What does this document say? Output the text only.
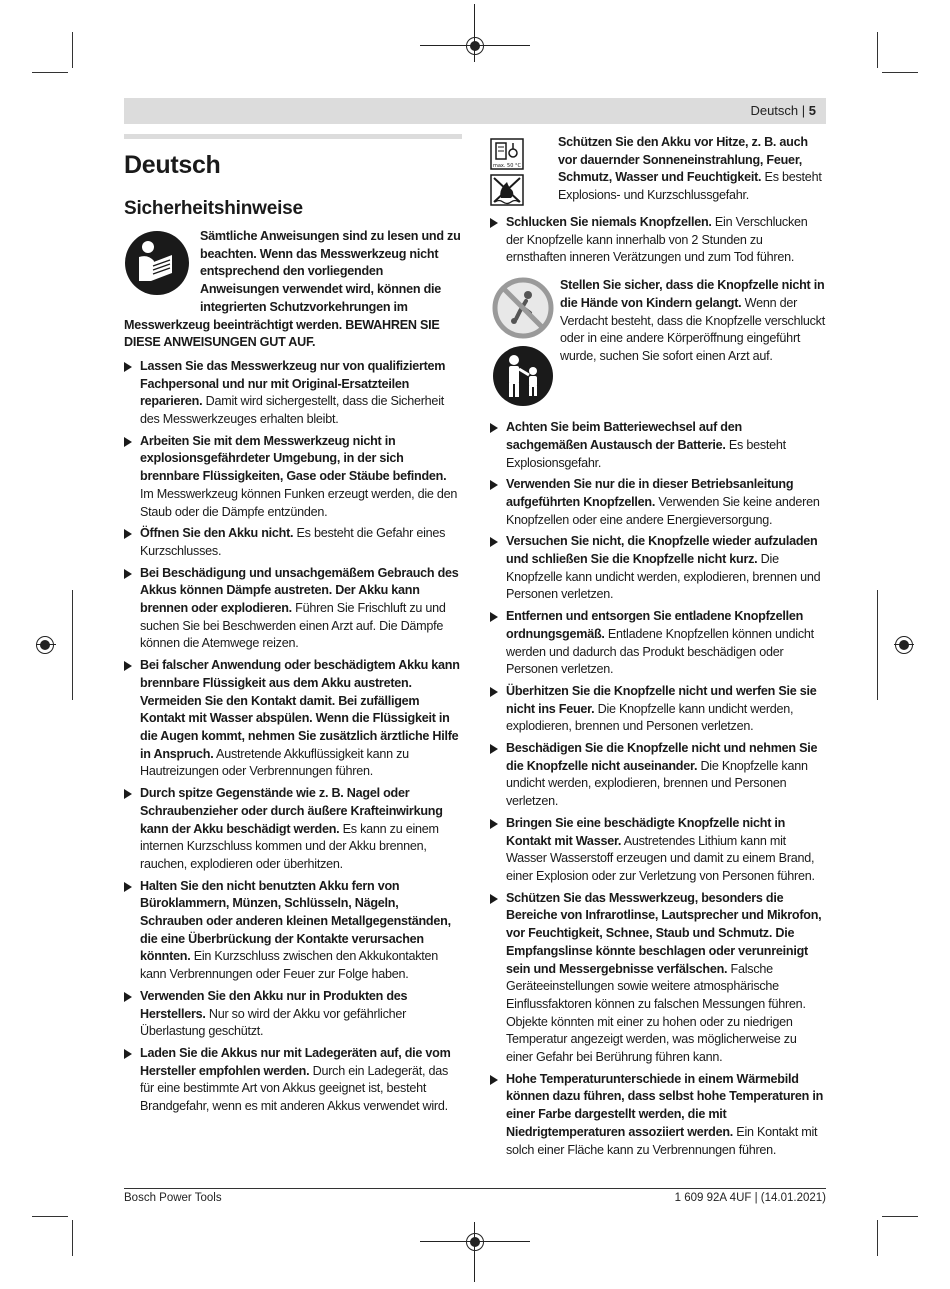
Deutsch | 5
Deutsch
Sicherheitshinweise

Sämtliche Anweisungen sind zu lesen und zu beachten. Wenn das Messwerkzeug nicht entsprechend den vorliegenden Anweisungen verwendet wird, können die integrierten Schutzvorkehrungen im Messwerkzeug beeinträchtigt werden. BEWAHREN SIE DIESE ANWEISUNGEN GUT AUF.

Lassen Sie das Messwerkzeug nur von qualifiziertem Fachpersonal und nur mit Original-Ersatzteilen reparieren. Damit wird sichergestellt, dass die Sicherheit des Messwerkzeuges erhalten bleibt.
Arbeiten Sie mit dem Messwerkzeug nicht in explosionsgefährdeter Umgebung, in der sich brennbare Flüssigkeiten, Gase oder Stäube befinden. Im Messwerkzeug können Funken erzeugt werden, die den Staub oder die Dämpfe entzünden.
Öffnen Sie den Akku nicht. Es besteht die Gefahr eines Kurzschlusses.
Bei Beschädigung und unsachgemäßem Gebrauch des Akkus können Dämpfe austreten. Der Akku kann brennen oder explodieren. Führen Sie Frischluft zu und suchen Sie bei Beschwerden einen Arzt auf. Die Dämpfe können die Atemwege reizen.
Bei falscher Anwendung oder beschädigtem Akku kann brennbare Flüssigkeit aus dem Akku austreten. Vermeiden Sie den Kontakt damit. Bei zufälligem Kontakt mit Wasser abspülen. Wenn die Flüssigkeit in die Augen kommt, nehmen Sie zusätzlich ärztliche Hilfe in Anspruch. Austretende Akkuflüssigkeit kann zu Hautreizungen oder Verbrennungen führen.
Durch spitze Gegenstände wie z. B. Nagel oder Schraubenzieher oder durch äußere Krafteinwirkung kann der Akku beschädigt werden. Es kann zu einem internen Kurzschluss kommen und der Akku brennen, rauchen, explodieren oder überhitzen.
Halten Sie den nicht benutzten Akku fern von Büroklammern, Münzen, Schlüsseln, Nägeln, Schrauben oder anderen kleinen Metallgegenständen, die eine Überbrückung der Kontakte verursachen könnten. Ein Kurzschluss zwischen den Akkukontakten kann Verbrennungen oder Feuer zur Folge haben.
Verwenden Sie den Akku nur in Produkten des Herstellers. Nur so wird der Akku vor gefährlicher Überlastung geschützt.
Laden Sie die Akkus nur mit Ladegeräten auf, die vom Hersteller empfohlen werden. Durch ein Ladegerät, das für eine bestimmte Art von Akkus geeignet ist, besteht Brandgefahr, wenn es mit anderen Akkus verwendet wird.
max. 50 °C

Schützen Sie den Akku vor Hitze, z. B. auch vor dauernder Sonneneinstrahlung, Feuer, Schmutz, Wasser und Feuchtigkeit. Es besteht Explosions- und Kurzschlussgefahr.

Schlucken Sie niemals Knopfzellen. Ein Verschlucken der Knopfzelle kann innerhalb von 2 Stunden zu ernsthaften inneren Verätzungen und zum Tod führen.

Stellen Sie sicher, dass die Knopfzelle nicht in die Hände von Kindern gelangt. Wenn der Verdacht besteht, dass die Knopfzelle verschluckt oder in eine andere Körperöffnung eingeführt wurde, suchen Sie sofort einen Arzt auf.

Achten Sie beim Batteriewechsel auf den sachgemäßen Austausch der Batterie. Es besteht Explosionsgefahr.
Verwenden Sie nur die in dieser Betriebsanleitung aufgeführten Knopfzellen. Verwenden Sie keine anderen Knopfzellen oder eine andere Energieversorgung.
Versuchen Sie nicht, die Knopfzelle wieder aufzuladen und schließen Sie die Knopfzelle nicht kurz. Die Knopfzelle kann undicht werden, explodieren, brennen und Personen verletzen.
Entfernen und entsorgen Sie entladene Knopfzellen ordnungsgemäß. Entladene Knopfzellen können undicht werden und dadurch das Produkt beschädigen oder Personen verletzen.
Überhitzen Sie die Knopfzelle nicht und werfen Sie sie nicht ins Feuer. Die Knopfzelle kann undicht werden, explodieren, brennen und Personen verletzen.
Beschädigen Sie die Knopfzelle nicht und nehmen Sie die Knopfzelle nicht auseinander. Die Knopfzelle kann undicht werden, explodieren, brennen und Personen verletzen.
Bringen Sie eine beschädigte Knopfzelle nicht in Kontakt mit Wasser. Austretendes Lithium kann mit Wasser Wasserstoff erzeugen und damit zu einem Brand, einer Explosion oder zur Verletzung von Personen führen.
Schützen Sie das Messwerkzeug, besonders die Bereiche von Infrarotlinse, Lautsprecher und Mikrofon, vor Feuchtigkeit, Schnee, Staub und Schmutz. Die Empfangslinse könnte beschlagen oder verunreinigt sein und Messergebnisse verfälschen. Falsche Geräteeinstellungen sowie weitere atmosphärische Einflussfaktoren können zu falschen Messungen führen. Objekte könnten mit einer zu hohen oder zu niedrigen Temperatur angezeigt werden, was möglicherweise zu einer Gefahr bei Berührung führen kann.
Hohe Temperaturunterschiede in einem Wärmebild können dazu führen, dass selbst hohe Temperaturen in einer Farbe dargestellt werden, die mit Niedrigtemperaturen assoziiert werden. Ein Kontakt mit solch einer Fläche kann zu Verbrennungen führen.
Bosch Power Tools	1 609 92A 4UF | (14.01.2021)
